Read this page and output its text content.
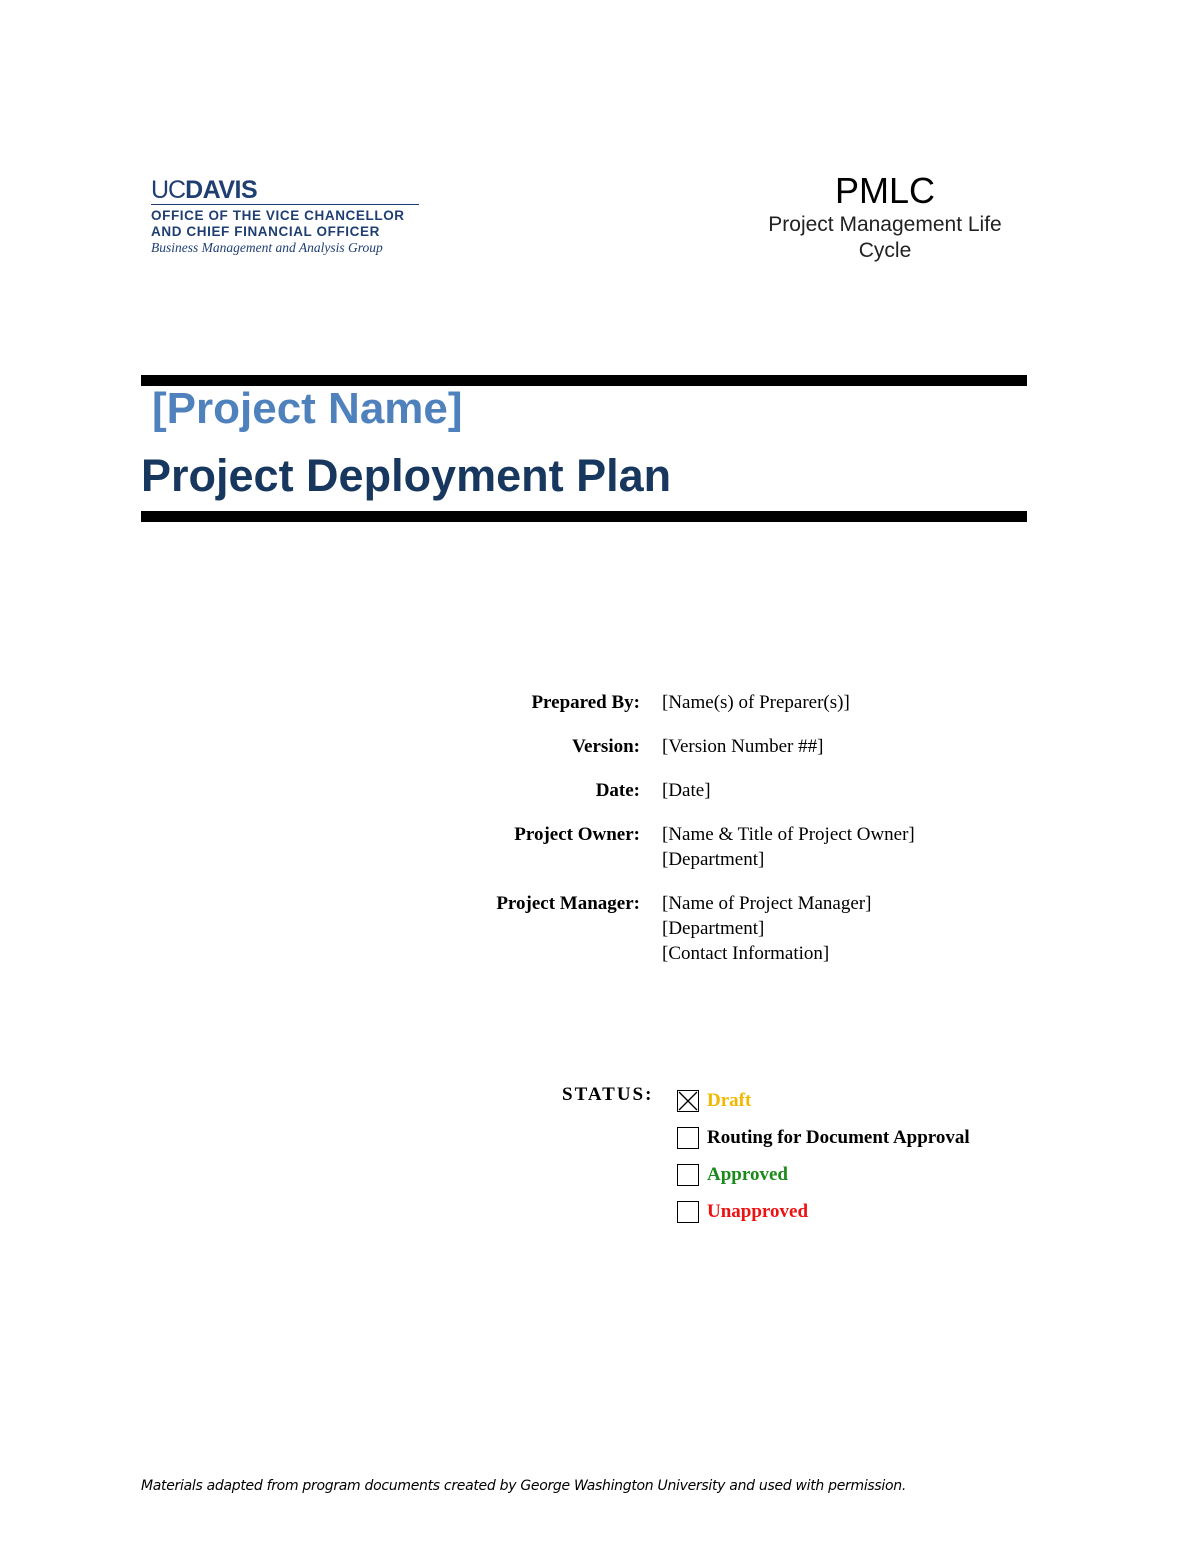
UCDAVIS
OFFICE OF THE VICE CHANCELLOR
AND CHIEF FINANCIAL OFFICER
Business Management and Analysis Group
PMLC
Project Management Life
Cycle
[Project Name]
Project Deployment Plan
Prepared By:	[Name(s) of Preparer(s)]
Version:	[Version Number ##]
Date:	[Date]
Project Owner:	[Name & Title of Project Owner]
[Department]
Project Manager:	[Name of Project Manager]
[Department]
[Contact Information]
STATUS:	Draft
Routing for Document Approval
Approved
Unapproved
Materials adapted from program documents created by George Washington University and used with permission.
